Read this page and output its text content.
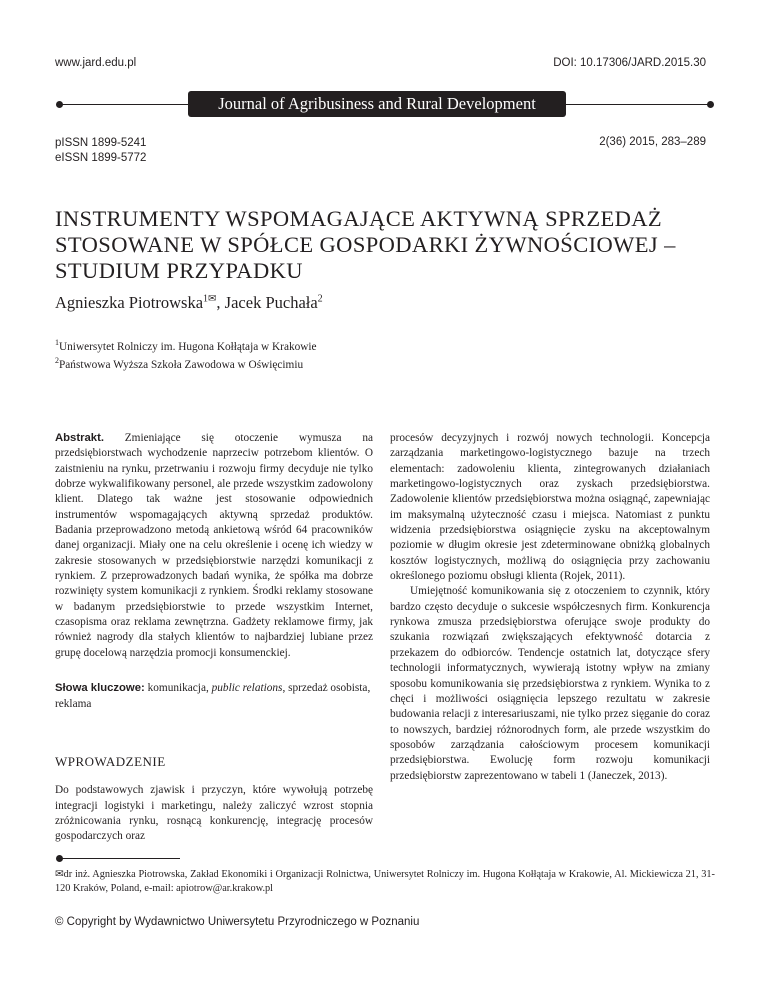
www.jard.edu.pl	DOI: 10.17306/JARD.2015.30
Journal of Agribusiness and Rural Development
pISSN 1899-5241
eISSN 1899-5772
2(36) 2015, 283–289
INSTRUMENTY WSPOMAGAJĄCE AKTYWNĄ SPRZEDAŻ
STOSOWANE W SPÓŁCE GOSPODARKI ŻYWNOŚCIOWEJ –
STUDIUM PRZYPADKU
Agnieszka Piotrowska$^{1✉}$, Jacek Puchała$^2$
$^1$Uniwersytet Rolniczy im. Hugona Kołłątaja w Krakowie
$^2$Państwowa Wyższa Szkoła Zawodowa w Oświęcimiu

Abstrakt. Zmieniające się otoczenie wymusza na przedsiębiorstwach wychodzenie naprzeciw potrzebom klientów. O zaistnieniu na rynku, przetrwaniu i rozwoju firmy decyduje nie tylko dobrze wykwalifikowany personel, ale przede wszystkim zadowolony klient. Dlatego tak ważne jest stosowanie odpowiednich instrumentów wspomagających aktywną sprzedaż produktów. Badania przeprowadzono metodą ankietową wśród 64 pracowników danej organizacji. Miały one na celu określenie i ocenę ich wiedzy w zakresie stosowanych w przedsiębiorstwie narzędzi komunikacji z rynkiem. Z przeprowadzonych badań wynika, że spółka ma dobrze rozwinięty system komunikacji z rynkiem. Środki reklamy stosowane w badanym przedsiębiorstwie to przede wszystkim Internet, czasopisma oraz reklama zewnętrzna. Gadżety reklamowe firmy, jak również nagrody dla stałych klientów to najbardziej lubiane przez grupę docelową narzędzia promocji konsumenckiej.

Słowa kluczowe: komunikacja, public relations, sprzedaż osobista, reklama

WPROWADZENIE

Do podstawowych zjawisk i przyczyn, które wywołują potrzebę integracji logistyki i marketingu, należy zaliczyć wzrost stopnia zróżnicowania rynku, rosnącą konkurencję, integrację procesów gospodarczych oraz

procesów decyzyjnych i rozwój nowych technologii. Koncepcja zarządzania marketingowo-logistycznego bazuje na trzech elementach: zadowoleniu klienta, zintegrowanych działaniach marketingowo-logistycznych oraz zyskach przedsiębiorstwa. Zadowolenie klientów przedsiębiorstwa można osiągnąć, zapewniając im maksymalną użyteczność czasu i miejsca. Natomiast z punktu widzenia przedsiębiorstwa osiągnięcie zysku na akceptowalnym poziomie w długim okresie jest zdeterminowane obniżką globalnych kosztów logistycznych, możliwą do osiągnięcia przy zachowaniu określonego poziomu obsługi klienta (Rojek, 2011).

Umiejętność komunikowania się z otoczeniem to czynnik, który bardzo często decyduje o sukcesie współczesnych firm. Konkurencja rynkowa zmusza przedsiębiorstwa oferujące swoje produkty do szukania rozwiązań zwiększających efektywność dotarcia z przekazem do odbiorców. Tendencje ostatnich lat, dotyczące sfery technologii informatycznych, wywierają istotny wpływ na zmiany sposobu komunikowania się przedsiębiorstwa z rynkiem. Wynika to z chęci i możliwości osiągnięcia lepszego rezultatu w zakresie budowania relacji z interesariuszami, nie tylko przez sięganie do coraz to nowszych, bardziej różnorodnych form, ale przede wszystkim do sposobów zarządzania całościowym procesem komunikacji przedsiębiorstwa. Ewolucję form rozwoju komunikacji przedsiębiorstw zaprezentowano w tabeli 1 (Janeczek, 2013).

✉dr inż. Agnieszka Piotrowska, Zakład Ekonomiki i Organizacji Rolnictwa, Uniwersytet Rolniczy im. Hugona Kołłątaja w Krakowie, Al. Mickiewicza 21, 31-120 Kraków, Poland, e-mail: apiotrow@ar.krakow.pl
© Copyright by Wydawnictwo Uniwersytetu Przyrodniczego w Poznaniu
